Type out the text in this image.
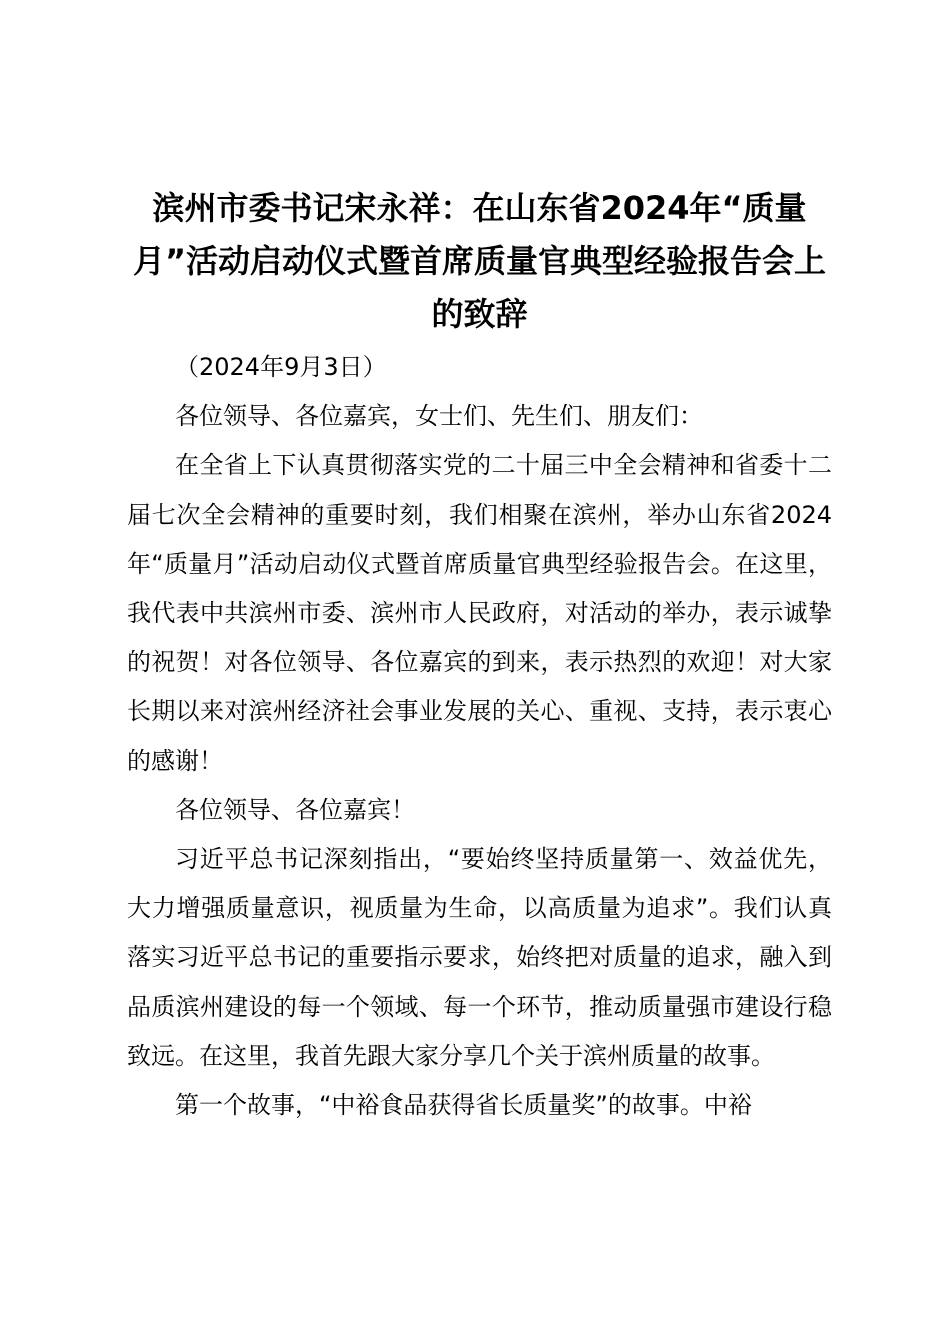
滨州市委书记宋永祥：在山东省2024年“质量月”活动启动仪式暨首席质量官典型经验报告会上的致辞

（2024年9月3日）

各位领导、各位嘉宾，女士们、先生们、朋友们：

在全省上下认真贯彻落实党的二十届三中全会精神和省委十二届七次全会精神的重要时刻，我们相聚在滨州，举办山东省2024年“质量月”活动启动仪式暨首席质量官典型经验报告会。在这里，我代表中共滨州市委、滨州市人民政府，对活动的举办，表示诚挚的祝贺！对各位领导、各位嘉宾的到来，表示热烈的欢迎！对大家长期以来对滨州经济社会事业发展的关心、重视、支持，表示衷心的感谢！

各位领导、各位嘉宾！

习近平总书记深刻指出，“要始终坚持质量第一、效益优先，大力增强质量意识，视质量为生命，以高质量为追求”。我们认真落实习近平总书记的重要指示要求，始终把对质量的追求，融入到品质滨州建设的每一个领域、每一个环节，推动质量强市建设行稳致远。在这里，我首先跟大家分享几个关于滨州质量的故事。

第一个故事，“中裕食品获得省长质量奖”的故事。中裕
